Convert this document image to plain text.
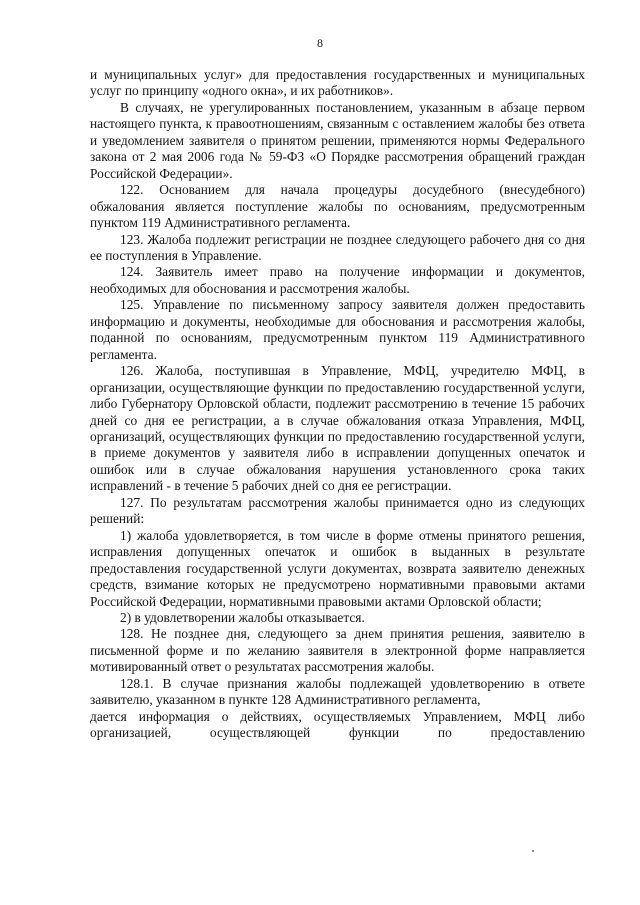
8

и муниципальных услуг» для предоставления государственных и муниципальных услуг по принципу «одного окна», и их работников».

В случаях, не урегулированных постановлением, указанным в абзаце первом настоящего пункта, к правоотношениям, связанным с оставлением жалобы без ответа и уведомлением заявителя о принятом решении, применяются нормы Федерального закона от 2 мая 2006 года № 59-ФЗ «О Порядке рассмотрения обращений граждан Российской Федерации».

122. Основанием для начала процедуры досудебного (внесудебного) обжалования является поступление жалобы по основаниям, предусмотренным пунктом 119 Административного регламента.

123. Жалоба подлежит регистрации не позднее следующего рабочего дня со дня ее поступления в Управление.

124. Заявитель имеет право на получение информации и документов, необходимых для обоснования и рассмотрения жалобы.

125. Управление по письменному запросу заявителя должен предоставить информацию и документы, необходимые для обоснования и рассмотрения жалобы, поданной по основаниям, предусмотренным пунктом 119 Административного регламента.

126. Жалоба, поступившая в Управление, МФЦ, учредителю МФЦ, в организации, осуществляющие функции по предоставлению государственной услуги, либо Губернатору Орловской области, подлежит рассмотрению в течение 15 рабочих дней со дня ее регистрации, а в случае обжалования отказа Управления, МФЦ, организаций, осуществляющих функции по предоставлению государственной услуги, в приеме документов у заявителя либо в исправлении допущенных опечаток и ошибок или в случае обжалования нарушения установленного срока таких исправлений - в течение 5 рабочих дней со дня ее регистрации.

127. По результатам рассмотрения жалобы принимается одно из следующих решений:

1) жалоба удовлетворяется, в том числе в форме отмены принятого решения, исправления допущенных опечаток и ошибок в выданных в результате предоставления государственной услуги документах, возврата заявителю денежных средств, взимание которых не предусмотрено нормативными правовыми актами Российской Федерации, нормативными правовыми актами Орловской области;

2) в удовлетворении жалобы отказывается.

128. Не позднее дня, следующего за днем принятия решения, заявителю в письменной форме и по желанию заявителя в электронной форме направляется мотивированный ответ о результатах рассмотрения жалобы.

128.1. В случае признания жалобы подлежащей удовлетворению в ответе заявителю, указанном в пункте 128 Административного регламента,

дается информация о действиях, осуществляемых Управлением, МФЦ либо организацией, осуществляющей функции по предоставлению
